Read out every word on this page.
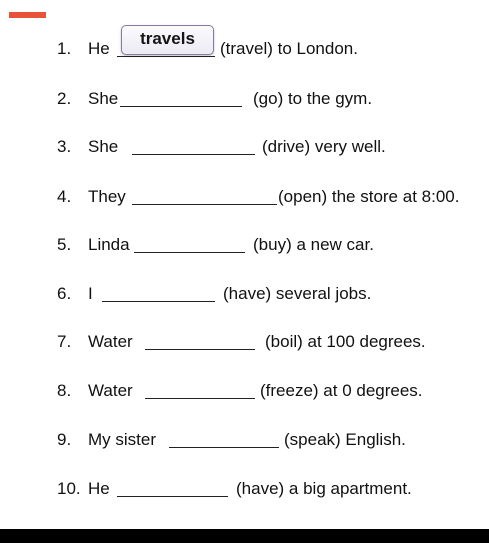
1. He	(travel) to London.
2. She	(go) to the gym.
3. She	(drive) very well.
4. They	(open) the store at 8:00.
5. Linda	(buy) a new car.
6. I	(have) several jobs.
7. Water	(boil) at 100 degrees.
8. Water	(freeze) at 0 degrees.
9. My sister	(speak) English.
10. He	(have) a big apartment.
travels
